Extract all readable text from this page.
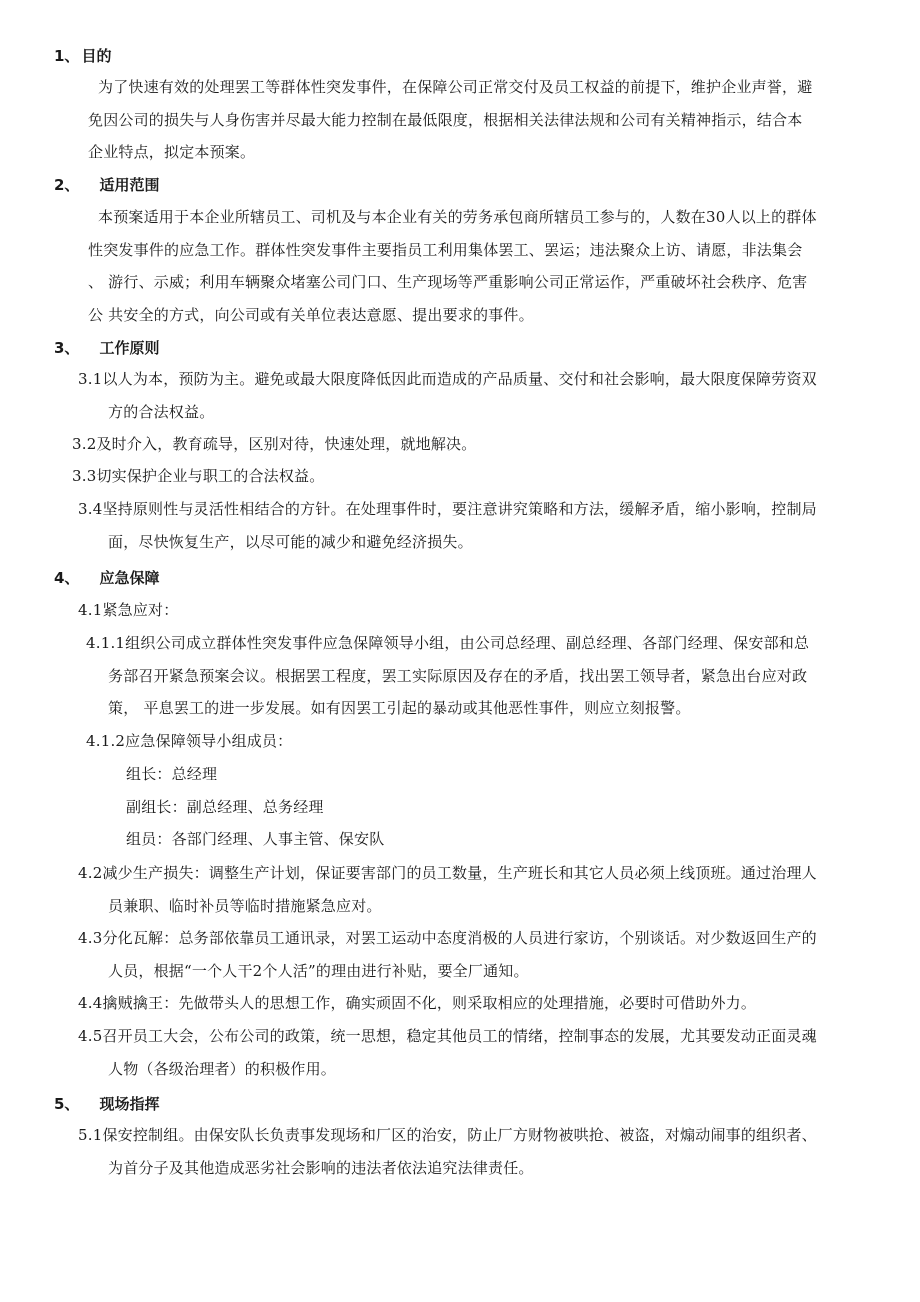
1、 目的
为了快速有效的处理罢工等群体性突发事件，在保障公司正常交付及员工权益的前提下，维护企业声誉，避
免因公司的损失与人身伤害并尽最大能力控制在最低限度，根据相关法律法规和公司有关精神指示，结合本
企业特点，拟定本预案。
2、 适用范围
本预案适用于本企业所辖员工、司机及与本企业有关的劳务承包商所辖员工参与的，人数在30人以上的群体
性突发事件的应急工作。群体性突发事件主要指员工利用集体罢工、罢运；违法聚众上访、请愿，非法集会
、 游行、示威；利用车辆聚众堵塞公司门口、生产现场等严重影响公司正常运作，严重破坏社会秩序、危害
公 共安全的方式，向公司或有关单位表达意愿、提出要求的事件。
3、 工作原则
3.1以人为本，预防为主。避免或最大限度降低因此而造成的产品质量、交付和社会影响，最大限度保障劳资双
方的合法权益。
3.2及时介入，教育疏导，区别对待，快速处理，就地解决。
3.3切实保护企业与职工的合法权益。
3.4坚持原则性与灵活性相结合的方针。在处理事件时，要注意讲究策略和方法，缓解矛盾，缩小影响，控制局
面，尽快恢复生产，以尽可能的减少和避免经济损失。
4、 应急保障
4.1紧急应对：
4.1.1组织公司成立群体性突发事件应急保障领导小组，由公司总经理、副总经理、各部门经理、保安部和总
务部召开紧急预案会议。根据罢工程度，罢工实际原因及存在的矛盾，找出罢工领导者，紧急出台应对政
策， 平息罢工的进一步发展。如有因罢工引起的暴动或其他恶性事件，则应立刻报警。
4.1.2应急保障领导小组成员：
组长：总经理
副组长：副总经理、总务经理
组员：各部门经理、人事主管、保安队
4.2减少生产损失：调整生产计划，保证要害部门的员工数量，生产班长和其它人员必须上线顶班。通过治理人
员兼职、临时补员等临时措施紧急应对。
4.3分化瓦解：总务部依靠员工通讯录，对罢工运动中态度消极的人员进行家访，个别谈话。对少数返回生产的
人员，根据“一个人干2个人活”的理由进行补贴，要全厂通知。
4.4擒贼擒王：先做带头人的思想工作，确实顽固不化，则采取相应的处理措施，必要时可借助外力。
4.5召开员工大会，公布公司的政策，统一思想，稳定其他员工的情绪，控制事态的发展，尤其要发动正面灵魂
人物（各级治理者）的积极作用。
5、 现场指挥
5.1保安控制组。由保安队长负责事发现场和厂区的治安，防止厂方财物被哄抢、被盗，对煽动闹事的组织者、
为首分子及其他造成恶劣社会影响的违法者依法追究法律责任。
